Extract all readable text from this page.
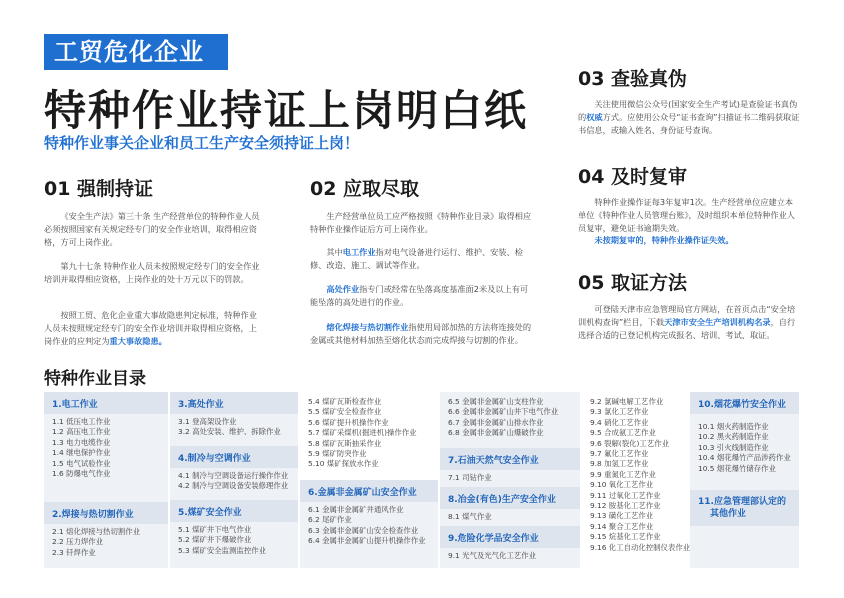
工贸危化企业
特种作业持证上岗明白纸
特种作业事关企业和员工生产安全须持证上岗！
01 强制持证
《安全生产法》第三十条 生产经营单位的特种作业人员必须按照国家有关规定经专门的安全作业培训，取得相应资格，方可上岗作业。
第九十七条 特种作业人员未按照规定经专门的安全作业培训并取得相应资格，上岗作业的处十万元以下的罚款。
按照工贸、危化企业重大事故隐患判定标准，特种作业人员未按照规定经专门的安全作业培训并取得相应资格，上岗作业的应判定为重大事故隐患。
02 应取尽取
生产经营单位员工应严格按照《特种作业目录》取得相应特种作业操作证后方可上岗作业。
其中电工作业指对电气设备进行运行、维护、安装、检修、改造、施工、调试等作业。
高处作业指专门或经常在坠落高度基准面2米及以上有可能坠落的高处进行的作业。
熔化焊接与热切割作业指使用局部加热的方法将连接处的金属或其他材料加热至熔化状态而完成焊接与切割的作业。
03 查验真伪
关注使用微信公众号(国家安全生产考试)是查验证书真伪的权威方式。应使用公众号“证书查询”扫描证书二维码获取证书信息，或输入姓名、身份证号查询。
04 及时复审
特种作业操作证每3年复审1次。生产经营单位应建立本单位《特种作业人员管理台账》，及时组织本单位特种作业人员复审，避免证书逾期失效。
未按期复审的，特种作业操作证失效。
05 取证方法
可登陆天津市应急管理局官方网站，在首页点击“安全培训机构查询”栏目，下载天津市安全生产培训机构名录，自行选择合适的已登记机构完成报名、培训、考试、取证。
特种作业目录
1.电工作业
1.1 低压电工作业
1.2 高压电工作业
1.3 电力电缆作业
1.4 继电保护作业
1.5 电气试验作业
1.6 防爆电气作业
2.焊接与热切割作业
2.1 熔化焊接与热切割作业
2.2 压力焊作业
2.3 钎焊作业
3.高处作业
3.1 登高架设作业
3.2 高处安装、维护、拆除作业
4.制冷与空调作业
4.1 制冷与空调设备运行操作作业
4.2 制冷与空调设备安装修理作业
5.煤矿安全作业
5.1 煤矿井下电气作业
5.2 煤矿井下爆破作业
5.3 煤矿安全监测监控作业
5.4 煤矿瓦斯检查作业
5.5 煤矿安全检查作业
5.6 煤矿提升机操作作业
5.7 煤矿采煤机(掘进机)操作作业
5.8 煤矿瓦斯抽采作业
5.9 煤矿防突作业
5.10 煤矿探放水作业
6.金属非金属矿山安全作业
6.1 金属非金属矿井通风作业
6.2 尾矿作业
6.3 金属非金属矿山安全检查作业
6.4 金属非金属矿山提升机操作作业
6.5 金属非金属矿山支柱作业
6.6 金属非金属矿山井下电气作业
6.7 金属非金属矿山排水作业
6.8 金属非金属矿山爆破作业
7.石油天然气安全作业
7.1 司钻作业
8.冶金(有色)生产安全作业
8.1 煤气作业
9.危险化学品安全作业
9.1 光气及光气化工艺作业
9.2 氯碱电解工艺作业
9.3 氯化工艺作业
9.4 硝化工艺作业
9.5 合成氨工艺作业
9.6 裂解(裂化)工艺作业
9.7 氟化工艺作业
9.8 加氢工艺作业
9.9 重氮化工艺作业
9.10 氧化工艺作业
9.11 过氧化工艺作业
9.12 胺基化工艺作业
9.13 磺化工艺作业
9.14 聚合工艺作业
9.15 烷基化工艺作业
9.16 化工自动化控制仪表作业
10.烟花爆竹安全作业
10.1 烟火药制造作业
10.2 黑火药制造作业
10.3 引火线制造作业
10.4 烟花爆竹产品涉药作业
10.5 烟花爆竹储存作业
11.应急管理部认定的
其他作业
